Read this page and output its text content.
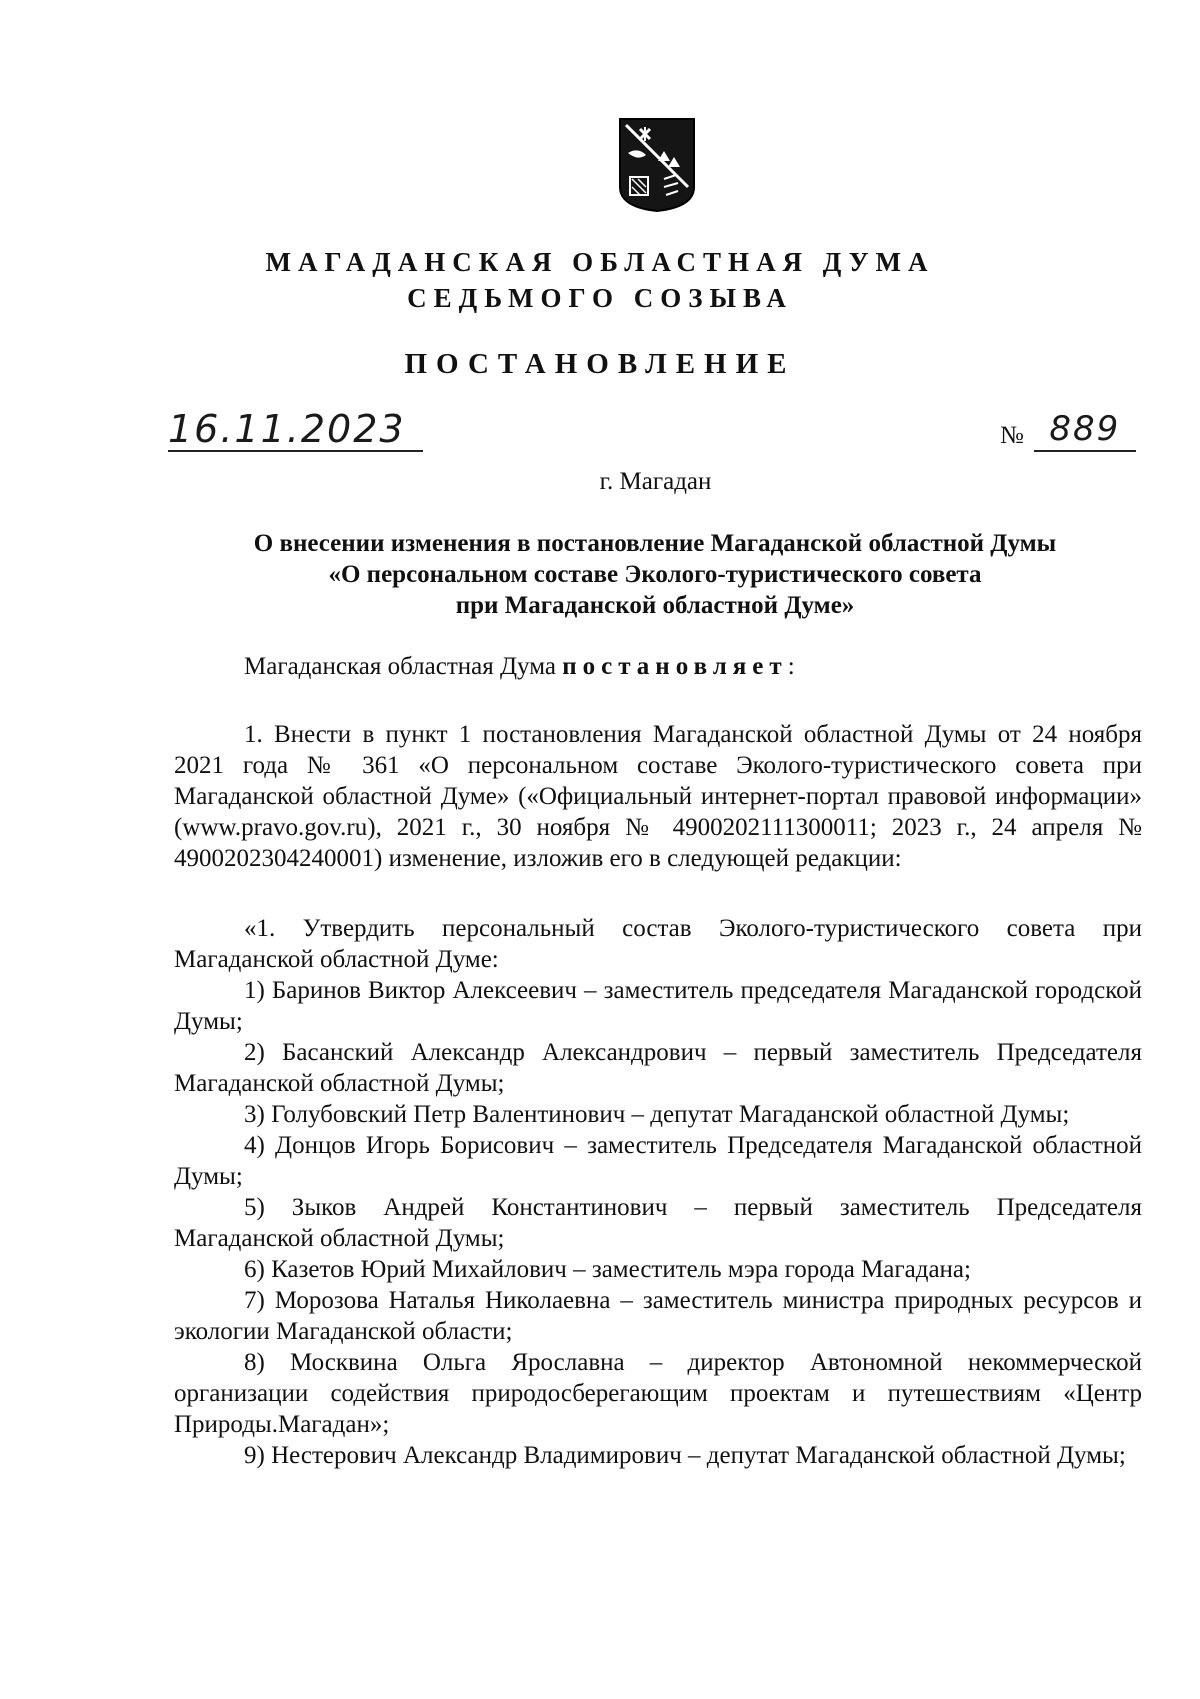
МАГАДАНСКАЯ ОБЛАСТНАЯ ДУМА
СЕДЬМОГО СОЗЫВА
ПОСТАНОВЛЕНИЕ
16.11.2023	№ 889
г. Магадан
О внесении изменения в постановление Магаданской областной Думы
«О персональном составе Эколого-туристического совета
при Магаданской областной Думе»
Магаданская областная Дума постановляет:
1. Внести в пункт 1 постановления Магаданской областной Думы от 24 ноября 2021 года № 361 «О персональном составе Эколого-туристического совета при Магаданской областной Думе» («Официальный интернет-портал правовой информации» (www.pravo.gov.ru), 2021 г., 30 ноября № 4900202111300011; 2023 г., 24 апреля № 4900202304240001) изменение, изложив его в следующей редакции:

«1. Утвердить персональный состав Эколого-туристического совета при Магаданской областной Думе:

1) Баринов Виктор Алексеевич – заместитель председателя Магаданской городской Думы;

2) Басанский Александр Александрович – первый заместитель Председателя Магаданской областной Думы;

3) Голубовский Петр Валентинович – депутат Магаданской областной Думы;

4) Донцов Игорь Борисович – заместитель Председателя Магаданской областной Думы;

5) Зыков Андрей Константинович – первый заместитель Председателя Магаданской областной Думы;

6) Казетов Юрий Михайлович – заместитель мэра города Магадана;

7) Морозова Наталья Николаевна – заместитель министра природных ресурсов и экологии Магаданской области;

8) Москвина Ольга Ярославна – директор Автономной некоммерческой организации содействия природосберегающим проектам и путешествиям «Центр Природы.Магадан»;

9) Нестерович Александр Владимирович – депутат Магаданской областной Думы;
